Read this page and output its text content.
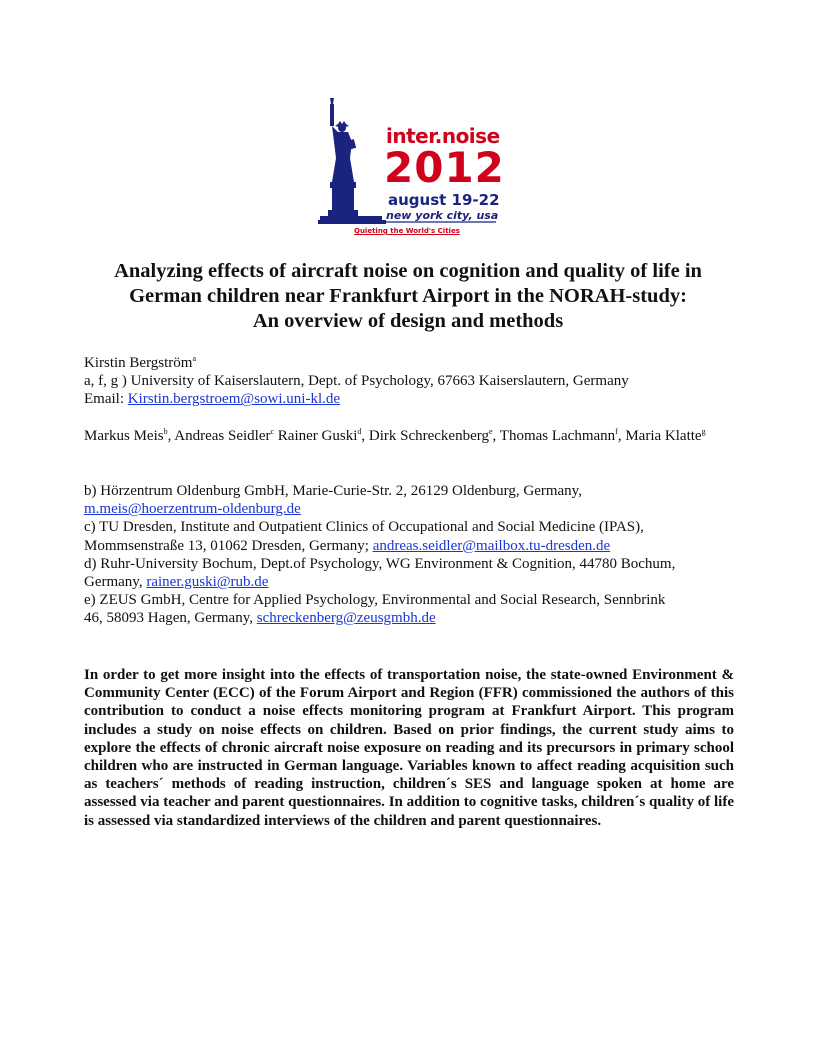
inter.noise
2012
august 19-22
new york city, usa
Quieting the World's Cities
Analyzing effects of aircraft noise on cognition and quality of life in
German children near Frankfurt Airport in the NORAH-study:
An overview of design and methods

Kirstin Bergström$^a$

a, f, g ) University of Kaiserslautern, Dept. of Psychology, 67663 Kaiserslautern, Germany

Email: Kirstin.bergstroem@sowi.uni-kl.de

Markus Meis$^b$, Andreas Seidler$^c$ Rainer Guski$^d$, Dirk Schreckenberg$^e$, Thomas Lachmann$^f$, Maria Klatte$^g$

b) Hörzentrum Oldenburg GmbH, Marie-Curie-Str. 2, 26129 Oldenburg, Germany,

m.meis@hoerzentrum-oldenburg.de

c) TU Dresden, Institute and Outpatient Clinics of Occupational and Social Medicine (IPAS),

Mommsenstraße 13, 01062 Dresden, Germany; andreas.seidler@mailbox.tu-dresden.de

d) Ruhr-University Bochum, Dept.of Psychology, WG Environment & Cognition, 44780 Bochum,

Germany, rainer.guski@rub.de

e) ZEUS GmbH, Centre for Applied Psychology, Environmental and Social Research, Sennbrink

46, 58093 Hagen, Germany, schreckenberg@zeusgmbh.de

In order to get more insight into the effects of transportation noise, the state-owned Environment & Community Center (ECC) of the Forum Airport and Region (FFR) commissioned the authors of this contribution to conduct a noise effects monitoring program at Frankfurt Airport. This program includes a study on noise effects on children. Based on prior findings, the current study aims to explore the effects of chronic aircraft noise exposure on reading and its precursors in primary school children who are instructed in German language. Variables known to affect reading acquisition such as teachers´ methods of reading instruction, children´s SES and language spoken at home are assessed via teacher and parent questionnaires. In addition to cognitive tasks, children´s quality of life is assessed via standardized interviews of the children and parent questionnaires.
